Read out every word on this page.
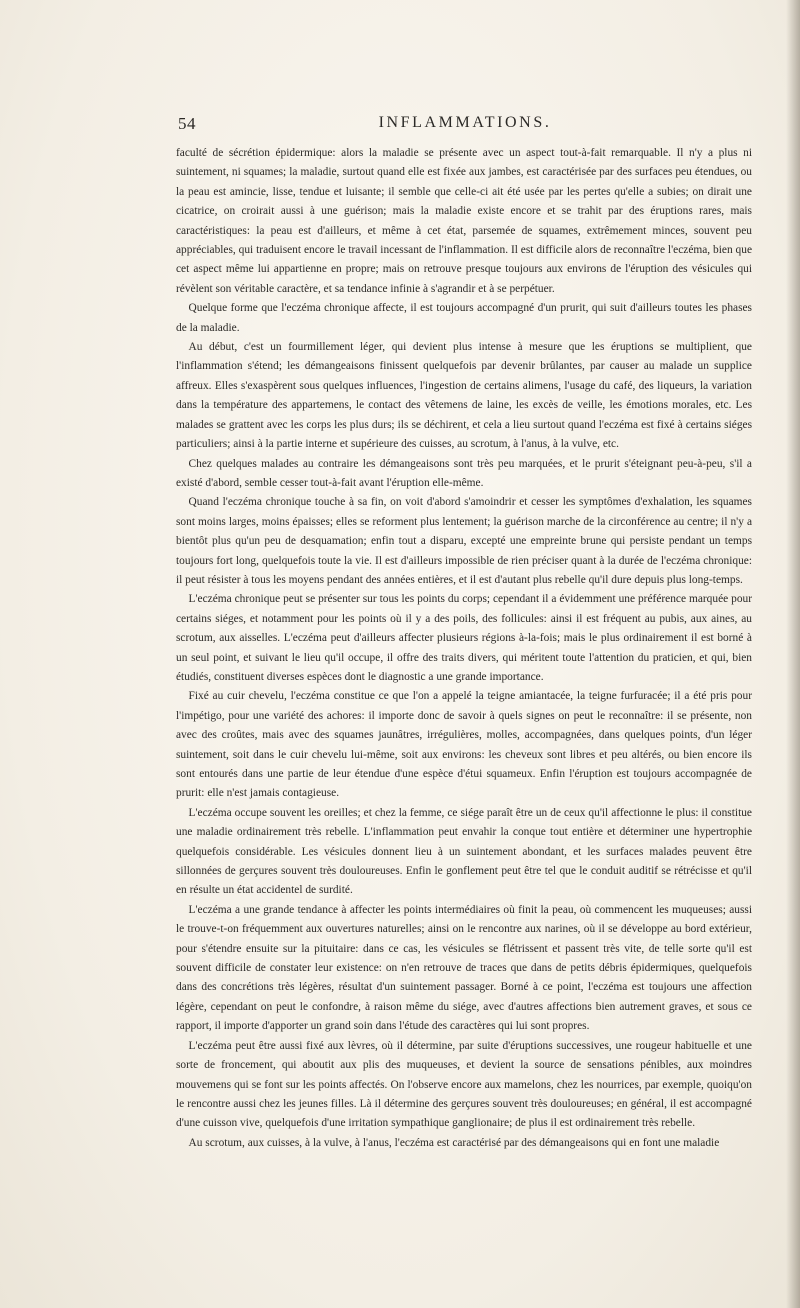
54	INFLAMMATIONS.

faculté de sécrétion épidermique: alors la maladie se présente avec un aspect tout-à-fait remarquable. Il n'y a plus ni suintement, ni squames; la maladie, surtout quand elle est fixée aux jambes, est caractérisée par des surfaces peu étendues, ou la peau est amincie, lisse, tendue et luisante; il semble que celle-ci ait été usée par les pertes qu'elle a subies; on dirait une cicatrice, on croirait aussi à une guérison; mais la maladie existe encore et se trahit par des éruptions rares, mais caractéristiques: la peau est d'ailleurs, et même à cet état, parsemée de squames, extrêmement minces, souvent peu appréciables, qui traduisent encore le travail incessant de l'inflammation. Il est difficile alors de reconnaître l'eczéma, bien que cet aspect même lui appartienne en propre; mais on retrouve presque toujours aux environs de l'éruption des vésicules qui révèlent son véritable caractère, et sa tendance infinie à s'agrandir et à se perpétuer.

Quelque forme que l'eczéma chronique affecte, il est toujours accompagné d'un prurit, qui suit d'ailleurs toutes les phases de la maladie.

Au début, c'est un fourmillement léger, qui devient plus intense à mesure que les éruptions se multiplient, que l'inflammation s'étend; les démangeaisons finissent quelquefois par devenir brûlantes, par causer au malade un supplice affreux. Elles s'exaspèrent sous quelques influences, l'ingestion de certains alimens, l'usage du café, des liqueurs, la variation dans la température des appartemens, le contact des vêtemens de laine, les excès de veille, les émotions morales, etc. Les malades se grattent avec les corps les plus durs; ils se déchirent, et cela a lieu surtout quand l'eczéma est fixé à certains siéges particuliers; ainsi à la partie interne et supérieure des cuisses, au scrotum, à l'anus, à la vulve, etc.

Chez quelques malades au contraire les démangeaisons sont très peu marquées, et le prurit s'éteignant peu-à-peu, s'il a existé d'abord, semble cesser tout-à-fait avant l'éruption elle-même.

Quand l'eczéma chronique touche à sa fin, on voit d'abord s'amoindrir et cesser les symptômes d'exhalation, les squames sont moins larges, moins épaisses; elles se reforment plus lentement; la guérison marche de la circonférence au centre; il n'y a bientôt plus qu'un peu de desquamation; enfin tout a disparu, excepté une empreinte brune qui persiste pendant un temps toujours fort long, quelquefois toute la vie. Il est d'ailleurs impossible de rien préciser quant à la durée de l'eczéma chronique: il peut résister à tous les moyens pendant des années entières, et il est d'autant plus rebelle qu'il dure depuis plus long-temps.

L'eczéma chronique peut se présenter sur tous les points du corps; cependant il a évidemment une préférence marquée pour certains siéges, et notamment pour les points où il y a des poils, des follicules: ainsi il est fréquent au pubis, aux aines, au scrotum, aux aisselles. L'eczéma peut d'ailleurs affecter plusieurs régions à-la-fois; mais le plus ordinairement il est borné à un seul point, et suivant le lieu qu'il occupe, il offre des traits divers, qui méritent toute l'attention du praticien, et qui, bien étudiés, constituent diverses espèces dont le diagnostic a une grande importance.

Fixé au cuir chevelu, l'eczéma constitue ce que l'on a appelé la teigne amiantacée, la teigne furfuracée; il a été pris pour l'impétigo, pour une variété des achores: il importe donc de savoir à quels signes on peut le reconnaître: il se présente, non avec des croûtes, mais avec des squames jaunâtres, irrégulières, molles, accompagnées, dans quelques points, d'un léger suintement, soit dans le cuir chevelu lui-même, soit aux environs: les cheveux sont libres et peu altérés, ou bien encore ils sont entourés dans une partie de leur étendue d'une espèce d'étui squameux. Enfin l'éruption est toujours accompagnée de prurit: elle n'est jamais contagieuse.

L'eczéma occupe souvent les oreilles; et chez la femme, ce siége paraît être un de ceux qu'il affectionne le plus: il constitue une maladie ordinairement très rebelle. L'inflammation peut envahir la conque tout entière et déterminer une hypertrophie quelquefois considérable. Les vésicules donnent lieu à un suintement abondant, et les surfaces malades peuvent être sillonnées de gerçures souvent très douloureuses. Enfin le gonflement peut être tel que le conduit auditif se rétrécisse et qu'il en résulte un état accidentel de surdité.

L'eczéma a une grande tendance à affecter les points intermédiaires où finit la peau, où commencent les muqueuses; aussi le trouve-t-on fréquemment aux ouvertures naturelles; ainsi on le rencontre aux narines, où il se développe au bord extérieur, pour s'étendre ensuite sur la pituitaire: dans ce cas, les vésicules se flétrissent et passent très vite, de telle sorte qu'il est souvent difficile de constater leur existence: on n'en retrouve de traces que dans de petits débris épidermiques, quelquefois dans des concrétions très légères, résultat d'un suintement passager. Borné à ce point, l'eczéma est toujours une affection légère, cependant on peut le confondre, à raison même du siége, avec d'autres affections bien autrement graves, et sous ce rapport, il importe d'apporter un grand soin dans l'étude des caractères qui lui sont propres.

L'eczéma peut être aussi fixé aux lèvres, où il détermine, par suite d'éruptions successives, une rougeur habituelle et une sorte de froncement, qui aboutit aux plis des muqueuses, et devient la source de sensations pénibles, aux moindres mouvemens qui se font sur les points affectés. On l'observe encore aux mamelons, chez les nourrices, par exemple, quoiqu'on le rencontre aussi chez les jeunes filles. Là il détermine des gerçures souvent très douloureuses; en général, il est accompagné d'une cuisson vive, quelquefois d'une irritation sympathique ganglionaire; de plus il est ordinairement très rebelle.

Au scrotum, aux cuisses, à la vulve, à l'anus, l'eczéma est caractérisé par des démangeaisons qui en font une maladie
